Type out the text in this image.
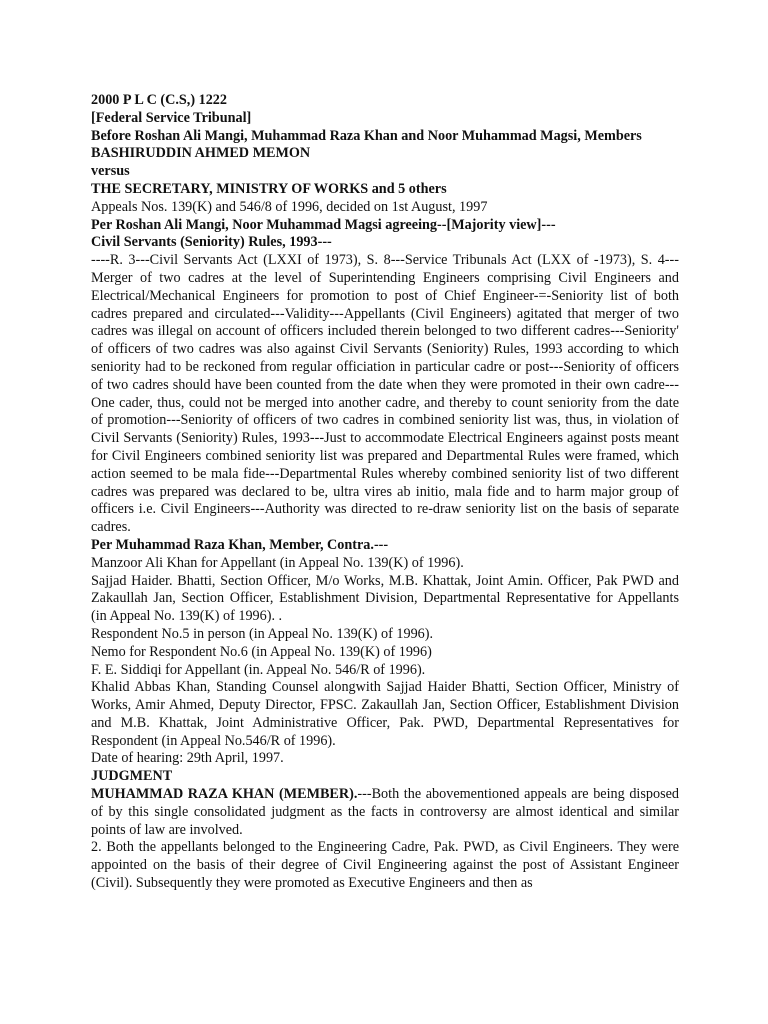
2000 P L C (C.S,) 1222

[Federal Service Tribunal]

Before Roshan Ali Mangi, Muhammad Raza Khan and Noor Muhammad Magsi, Members

BASHIRUDDIN AHMED MEMON

versus

THE SECRETARY, MINISTRY OF WORKS and 5 others

Appeals Nos. 139(K) and 546/8 of 1996, decided on 1st August, 1997

Per Roshan Ali Mangi, Noor Muhammad Magsi agreeing--[Majority view]---

Civil Servants (Seniority) Rules, 1993---

----R. 3---Civil Servants Act (LXXI of 1973), S. 8---Service Tribunals Act (LXX of -1973), S. 4---Merger of two cadres at the level of Superintending Engineers comprising Civil Engineers and Electrical/Mechanical Engineers for promotion to post of Chief Engineer-=-Seniority list of both cadres prepared and circulated---Validity---Appellants (Civil Engineers) agitated that merger of two cadres was illegal on account of officers included therein belonged to two different cadres---Seniority' of officers of two cadres was also against Civil Servants (Seniority) Rules, 1993 according to which seniority had to be reckoned from regular officiation in particular cadre or post---Seniority of officers of two cadres should have been counted from the date when they were promoted in their own cadre---One cader, thus, could not be merged into another cadre, and thereby to count seniority from the date of promotion---Seniority of officers of two cadres in combined seniority list was, thus, in violation of Civil Servants (Seniority) Rules, 1993---Just to accommodate Electrical Engineers against posts meant for Civil Engineers combined seniority list was prepared and Departmental Rules were framed, which action seemed to be mala fide---Departmental Rules whereby combined seniority list of two different cadres was prepared was declared to be, ultra vires ab initio, mala fide and to harm major group of officers i.e. Civil Engineers---Authority was directed to re-draw seniority list on the basis of separate cadres.

Per Muhammad Raza Khan, Member, Contra.---

Manzoor Ali Khan for Appellant (in Appeal No. 139(K) of 1996).

Sajjad Haider. Bhatti, Section Officer, M/o Works, M.B. Khattak, Joint Amin. Officer, Pak PWD and Zakaullah Jan, Section Officer, Establishment Division, Departmental Representative for Appellants (in Appeal No. 139(K) of 1996). .

Respondent No.5 in person (in Appeal No. 139(K) of 1996).

Nemo for Respondent No.6 (in Appeal No. 139(K) of 1996)

F. E. Siddiqi for Appellant (in. Appeal No. 546/R of 1996).

Khalid Abbas Khan, Standing Counsel alongwith Sajjad Haider Bhatti, Section Officer, Ministry of Works, Amir Ahmed, Deputy Director, FPSC. Zakaullah Jan, Section Officer, Establishment Division and M.B. Khattak, Joint Administrative Officer, Pak. PWD, Departmental Representatives for Respondent (in Appeal No.546/R of 1996).

Date of hearing: 29th April, 1997.

JUDGMENT

MUHAMMAD RAZA KHAN (MEMBER).---Both the abovementioned appeals are being disposed of by this single consolidated judgment as the facts in controversy are almost identical and similar points of law are involved.

2. Both the appellants belonged to the Engineering Cadre, Pak. PWD, as Civil Engineers. They were appointed on the basis of their degree of Civil Engineering against the post of Assistant Engineer (Civil). Subsequently they were promoted as Executive Engineers and then as
